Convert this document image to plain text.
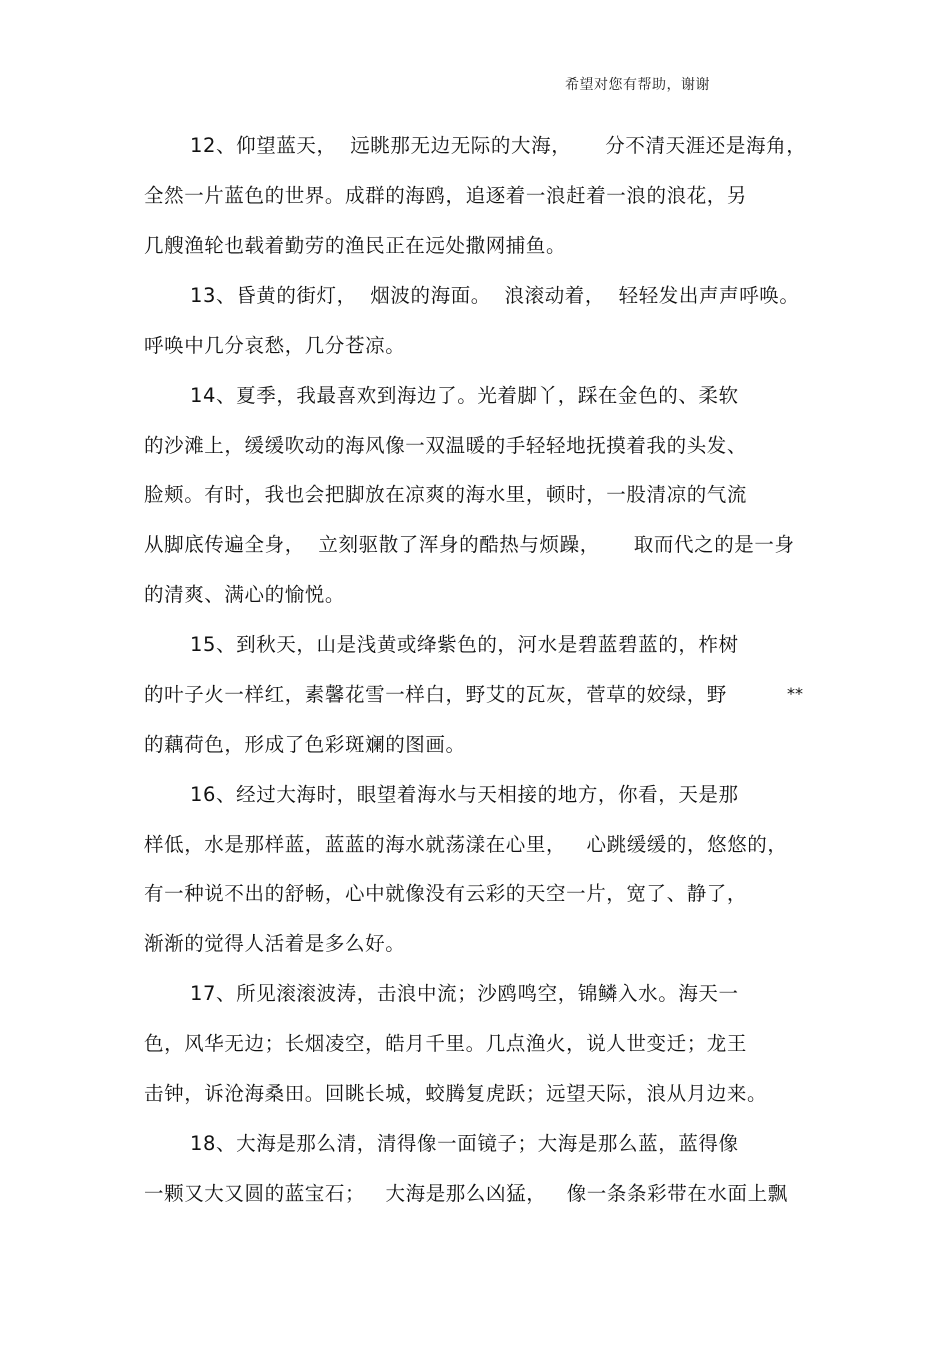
希望对您有帮助，谢谢
12、仰望蓝天，  远眺那无边无际的大海，     分不清天涯还是海角，
全然一片蓝色的世界。成群的海鸥，追逐着一浪赶着一浪的浪花，另
几艘渔轮也载着勤劳的渔民正在远处撒网捕鱼。
13、昏黄的街灯，  烟波的海面。  浪滚动着，  轻轻发出声声呼唤。
呼唤中几分哀愁，几分苍凉。
14、夏季，我最喜欢到海边了。光着脚丫，踩在金色的、柔软
的沙滩上，缓缓吹动的海风像一双温暖的手轻轻地抚摸着我的头发、
脸颊。有时，我也会把脚放在凉爽的海水里，顿时，一股清凉的气流
从脚底传遍全身，  立刻驱散了浑身的酷热与烦躁，     取而代之的是一身
的清爽、满心的愉悦。
15、到秋天，山是浅黄或绛紫色的，河水是碧蓝碧蓝的，柞树
的叶子火一样红，素馨花雪一样白，野艾的瓦灰，菅草的姣绿，野	**
的藕荷色，形成了色彩斑斓的图画。
16、经过大海时，眼望着海水与天相接的地方，你看，天是那
样低，水是那样蓝，蓝蓝的海水就荡漾在心里，   心跳缓缓的，悠悠的，
有一种说不出的舒畅，心中就像没有云彩的天空一片，宽了、静了，
渐渐的觉得人活着是多么好。
17、所见滚滚波涛，击浪中流；沙鸥鸣空，锦鳞入水。海天一
色，风华无边；长烟凌空，皓月千里。几点渔火，说人世变迁；龙王
击钟，诉沧海桑田。回眺长城，蛟腾复虎跃；远望天际，浪从月边来。
18、大海是那么清，清得像一面镜子；大海是那么蓝，蓝得像
一颗又大又圆的蓝宝石；   大海是那么凶猛，   像一条条彩带在水面上飘
